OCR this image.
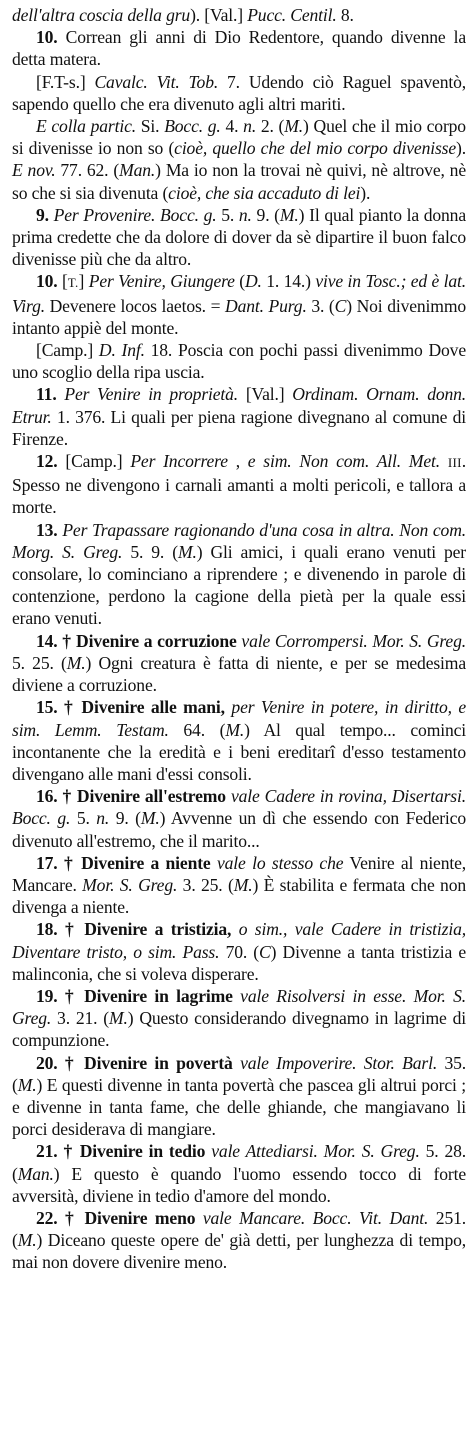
dell'altra coscia della gru). [Val.] Pucc. Centil. 8.

10. Correan gli anni di Dio Redentore, quando divenne la detta matera.

[F.T-s.] Cavalc. Vit. Tob. 7. Udendo ciò Raguel spaventò, sapendo quello che era divenuto agli altri mariti.

E colla partic. Si. Bocc. g. 4. n. 2. (M.) Quel che il mio corpo si divenisse io non so (cioè, quello che del mio corpo divenisse). E nov. 77. 62. (Man.) Ma io non la trovai nè quivi, nè altrove, nè so che si sia divenuta (cioè, che sia accaduto di lei).

9. Per Provenire. Bocc. g. 5. n. 9. (M.) Il qual pianto la donna prima credette che da dolore di dover da sè dipartire il buon falco divenisse più che da altro.

10. [T.] Per Venire, Giungere (D. 1. 14.) vive in Tosc.; ed è lat. Virg. Devenere locos laetos. = Dant. Purg. 3. (C) Noi divenimmo intanto appiè del monte.

[Camp.] D. Inf. 18. Poscia con pochi passi divenimmo Dove uno scoglio della ripa uscia.

11. Per Venire in proprietà. [Val.] Ordinam. Ornam. donn. Etrur. 1. 376. Li quali per piena ragione divegnano al comune di Firenze.

12. [Camp.] Per Incorrere , e sim. Non com. All. Met. III. Spesso ne divengono i carnali amanti a molti pericoli, e tallora a morte.

13. Per Trapassare ragionando d'una cosa in altra. Non com. Morg. S. Greg. 5. 9. (M.) Gli amici, i quali erano venuti per consolare, lo cominciano a riprendere ; e divenendo in parole di contenzione, perdono la cagione della pietà per la quale essi erano venuti.

14. † Divenire a corruzione vale Corrompersi. Mor. S. Greg. 5. 25. (M.) Ogni creatura è fatta di niente, e per se medesima diviene a corruzione.

15. † Divenire alle mani, per Venire in potere, in diritto, e sim. Lemm. Testam. 64. (M.) Al qual tempo... cominci incontanente che la eredità e i beni ereditarî d'esso testamento divengano alle mani d'essi consoli.

16. † Divenire all'estremo vale Cadere in rovina, Disertarsi. Bocc. g. 5. n. 9. (M.) Avvenne un dì che essendo con Federico divenuto all'estremo, che il marito...

17. † Divenire a niente vale lo stesso che Venire al niente, Mancare. Mor. S. Greg. 3. 25. (M.) È stabilita e fermata che non divenga a niente.

18. † Divenire a tristizia, o sim., vale Cadere in tristizia, Diventare tristo, o sim. Pass. 70. (C) Divenne a tanta tristizia e malinconia, che si voleva disperare.

19. † Divenire in lagrime vale Risolversi in esse. Mor. S. Greg. 3. 21. (M.) Questo considerando divegnamo in lagrime di compunzione.

20. † Divenire in povertà vale Impoverire. Stor. Barl. 35. (M.) E questi divenne in tanta povertà che pascea gli altrui porci ; e divenne in tanta fame, che delle ghiande, che mangiavano li porci desiderava di mangiare.

21. † Divenire in tedio vale Attediarsi. Mor. S. Greg. 5. 28. (Man.) E questo è quando l'uomo essendo tocco di forte avversità, diviene in tedio d'amore del mondo.

22. † Divenire meno vale Mancare. Bocc. Vit. Dant. 251. (M.) Diceano queste opere de' già detti, per lunghezza di tempo, mai non dovere divenire meno.
